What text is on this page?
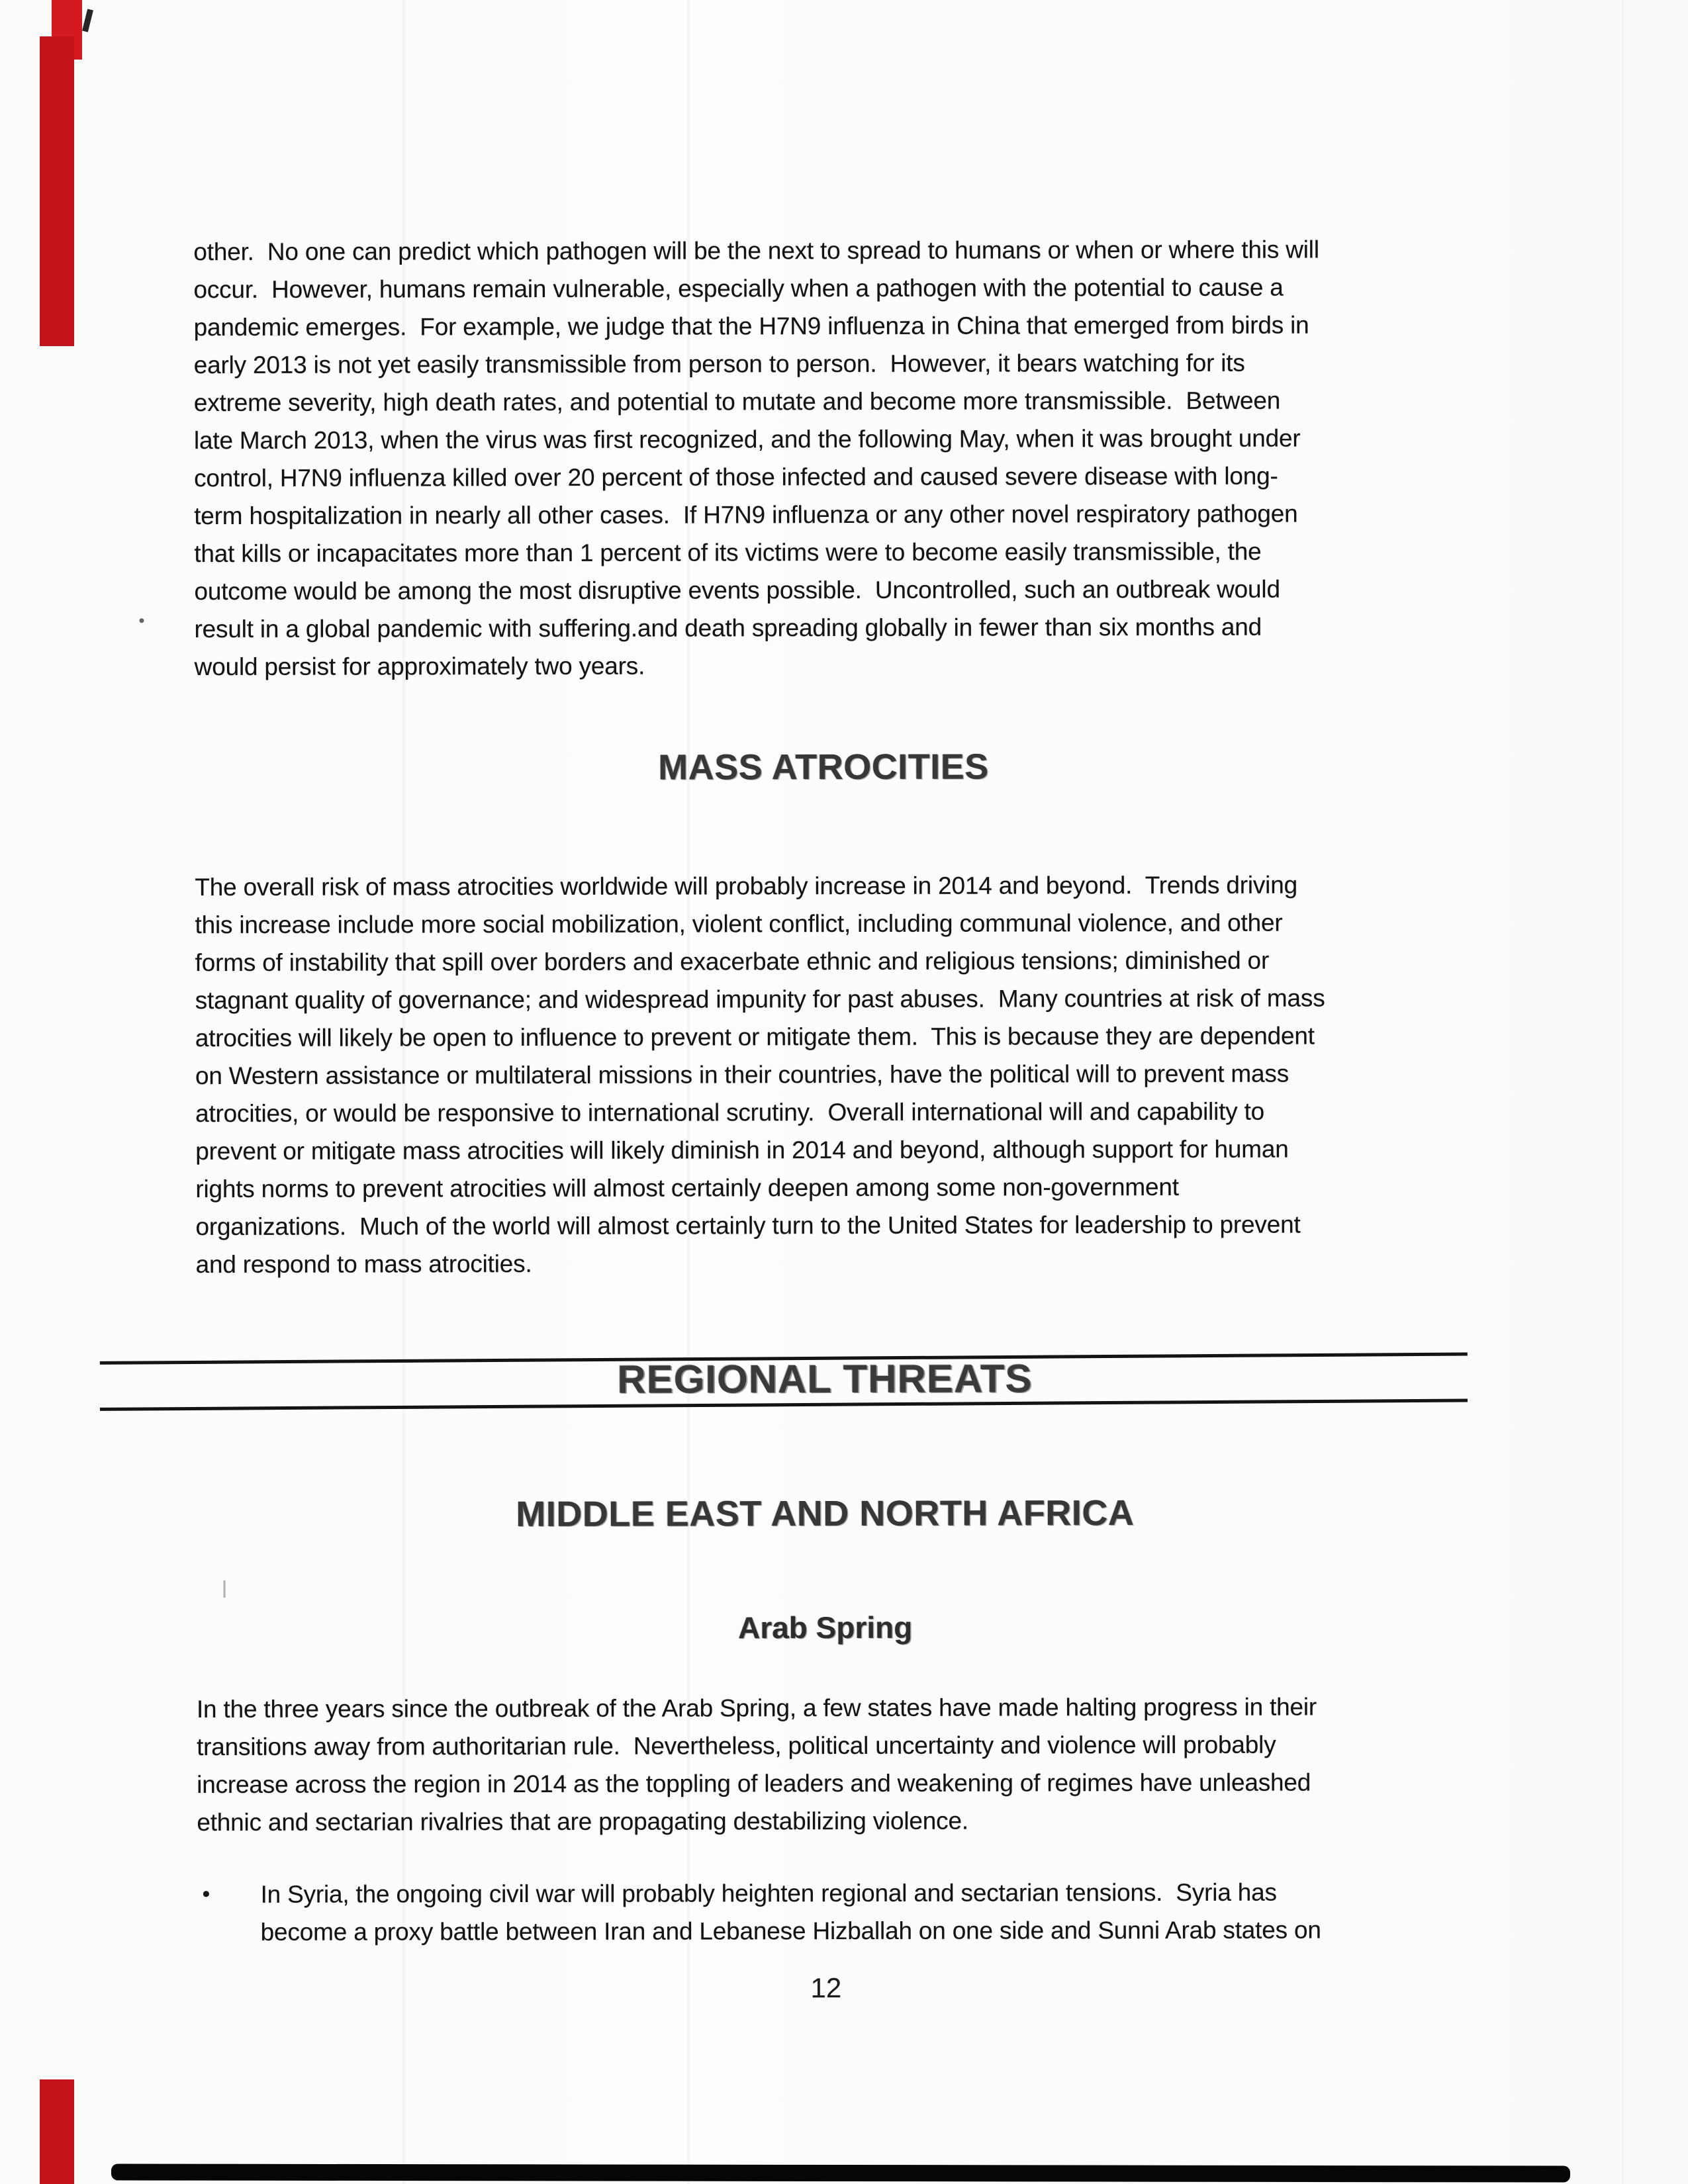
other.  No one can predict which pathogen will be the next to spread to humans or when or where this will
occur.  However, humans remain vulnerable, especially when a pathogen with the potential to cause a
pandemic emerges.  For example, we judge that the H7N9 influenza in China that emerged from birds in
early 2013 is not yet easily transmissible from person to person.  However, it bears watching for its
extreme severity, high death rates, and potential to mutate and become more transmissible.  Between
late March 2013, when the virus was first recognized, and the following May, when it was brought under
control, H7N9 influenza killed over 20 percent of those infected and caused severe disease with long-
term hospitalization in nearly all other cases.  If H7N9 influenza or any other novel respiratory pathogen
that kills or incapacitates more than 1 percent of its victims were to become easily transmissible, the
outcome would be among the most disruptive events possible.  Uncontrolled, such an outbreak would
result in a global pandemic with suffering.and death spreading globally in fewer than six months and
would persist for approximately two years.
MASS ATROCITIES
The overall risk of mass atrocities worldwide will probably increase in 2014 and beyond.  Trends driving
this increase include more social mobilization, violent conflict, including communal violence, and other
forms of instability that spill over borders and exacerbate ethnic and religious tensions; diminished or
stagnant quality of governance; and widespread impunity for past abuses.  Many countries at risk of mass
atrocities will likely be open to influence to prevent or mitigate them.  This is because they are dependent
on Western assistance or multilateral missions in their countries, have the political will to prevent mass
atrocities, or would be responsive to international scrutiny.  Overall international will and capability to
prevent or mitigate mass atrocities will likely diminish in 2014 and beyond, although support for human
rights norms to prevent atrocities will almost certainly deepen among some non-government
organizations.  Much of the world will almost certainly turn to the United States for leadership to prevent
and respond to mass atrocities.
REGIONAL THREATS
MIDDLE EAST AND NORTH AFRICA
Arab Spring
In the three years since the outbreak of the Arab Spring, a few states have made halting progress in their
transitions away from authoritarian rule.  Nevertheless, political uncertainty and violence will probably
increase across the region in 2014 as the toppling of leaders and weakening of regimes have unleashed
ethnic and sectarian rivalries that are propagating destabilizing violence.
•	In Syria, the ongoing civil war will probably heighten regional and sectarian tensions.  Syria has
become a proxy battle between Iran and Lebanese Hizballah on one side and Sunni Arab states on
12
